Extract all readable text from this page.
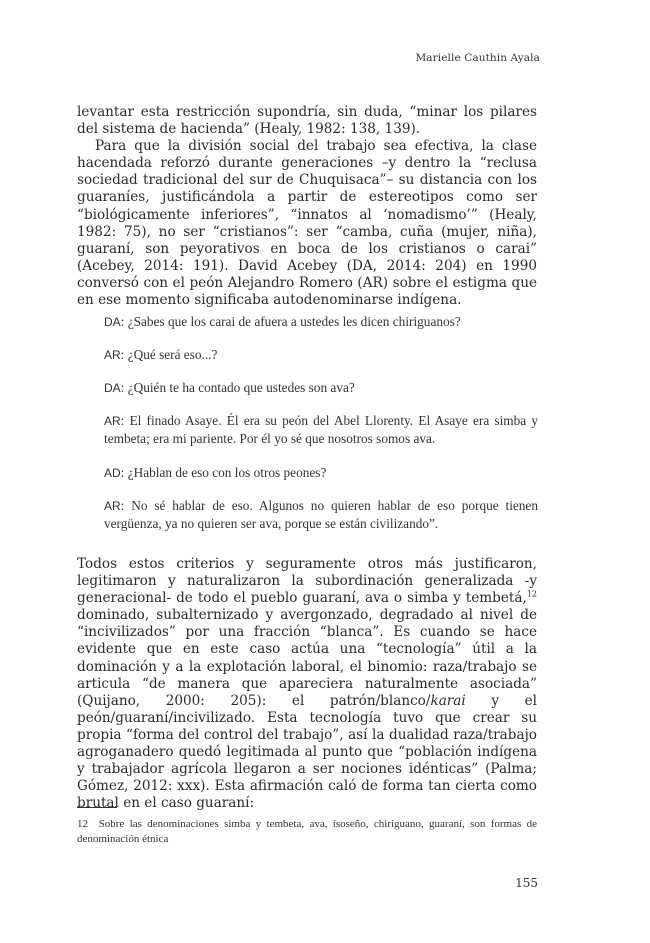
Marielle Cauthin Ayala

levantar esta restricción supondría, sin duda, “minar los pilares del sistema de hacienda” (Healy, 1982: 138, 139).

Para que la división social del trabajo sea efectiva, la clase hacendada reforzó durante generaciones –y dentro la “reclusa sociedad tradicional del sur de Chuquisaca”– su distancia con los guaraníes, justificándola a partir de estereotipos como ser “biológicamente inferiores”, “innatos al ‘nomadismo’” (Healy, 1982: 75), no ser “cristianos”: ser “camba, cuña (mujer, niña), guaraní, son peyorativos en boca de los cristianos o carai” (Acebey, 2014: 191). David Acebey (DA, 2014: 204) en 1990 conversó con el peón Alejandro Romero (AR) sobre el estigma que en ese momento significaba autodenominarse indígena.

DA: ¿Sabes que los carai de afuera a ustedes les dicen chiriguanos?

AR: ¿Qué será eso...?

DA: ¿Quién te ha contado que ustedes son ava?

AR: El finado Asaye. Él era su peón del Abel Llorenty. El Asaye era simba y tembeta; era mi pariente. Por él yo sé que nosotros somos ava.

AD: ¿Hablan de eso con los otros peones?

AR: No sé hablar de eso. Algunos no quieren hablar de eso porque tienen vergüenza, ya no quieren ser ava, porque se están civilizando”.

Todos estos criterios y seguramente otros más justificaron, legitimaron y naturalizaron la subordinación generalizada -y generacional- de todo el pueblo guaraní, ava o simba y tembetá,$^{12}$ dominado, subalternizado y avergonzado, degradado al nivel de “incivilizados” por una fracción “blanca”. Es cuando se hace evidente que en este caso actúa una “tecnología” útil a la dominación y a la explotación laboral, el binomio: raza/trabajo se articula “de manera que apareciera naturalmente asociada” (Quijano, 2000: 205): el patrón/blanco/karai y el peón/guaraní/incivilizado. Esta tecnología tuvo que crear su propia “forma del control del trabajo”, así la dualidad raza/trabajo agroganadero quedó legitimada al punto que “población indígena y trabajador agrícola llegaron a ser nociones idénticas” (Palma; Gómez, 2012: xxx). Esta afirmación caló de forma tan cierta como brutal en el caso guaraní:

12 Sobre las denominaciones simba y tembeta, ava, isoseño, chiriguano, guaraní, son formas de denominación étnica
155
